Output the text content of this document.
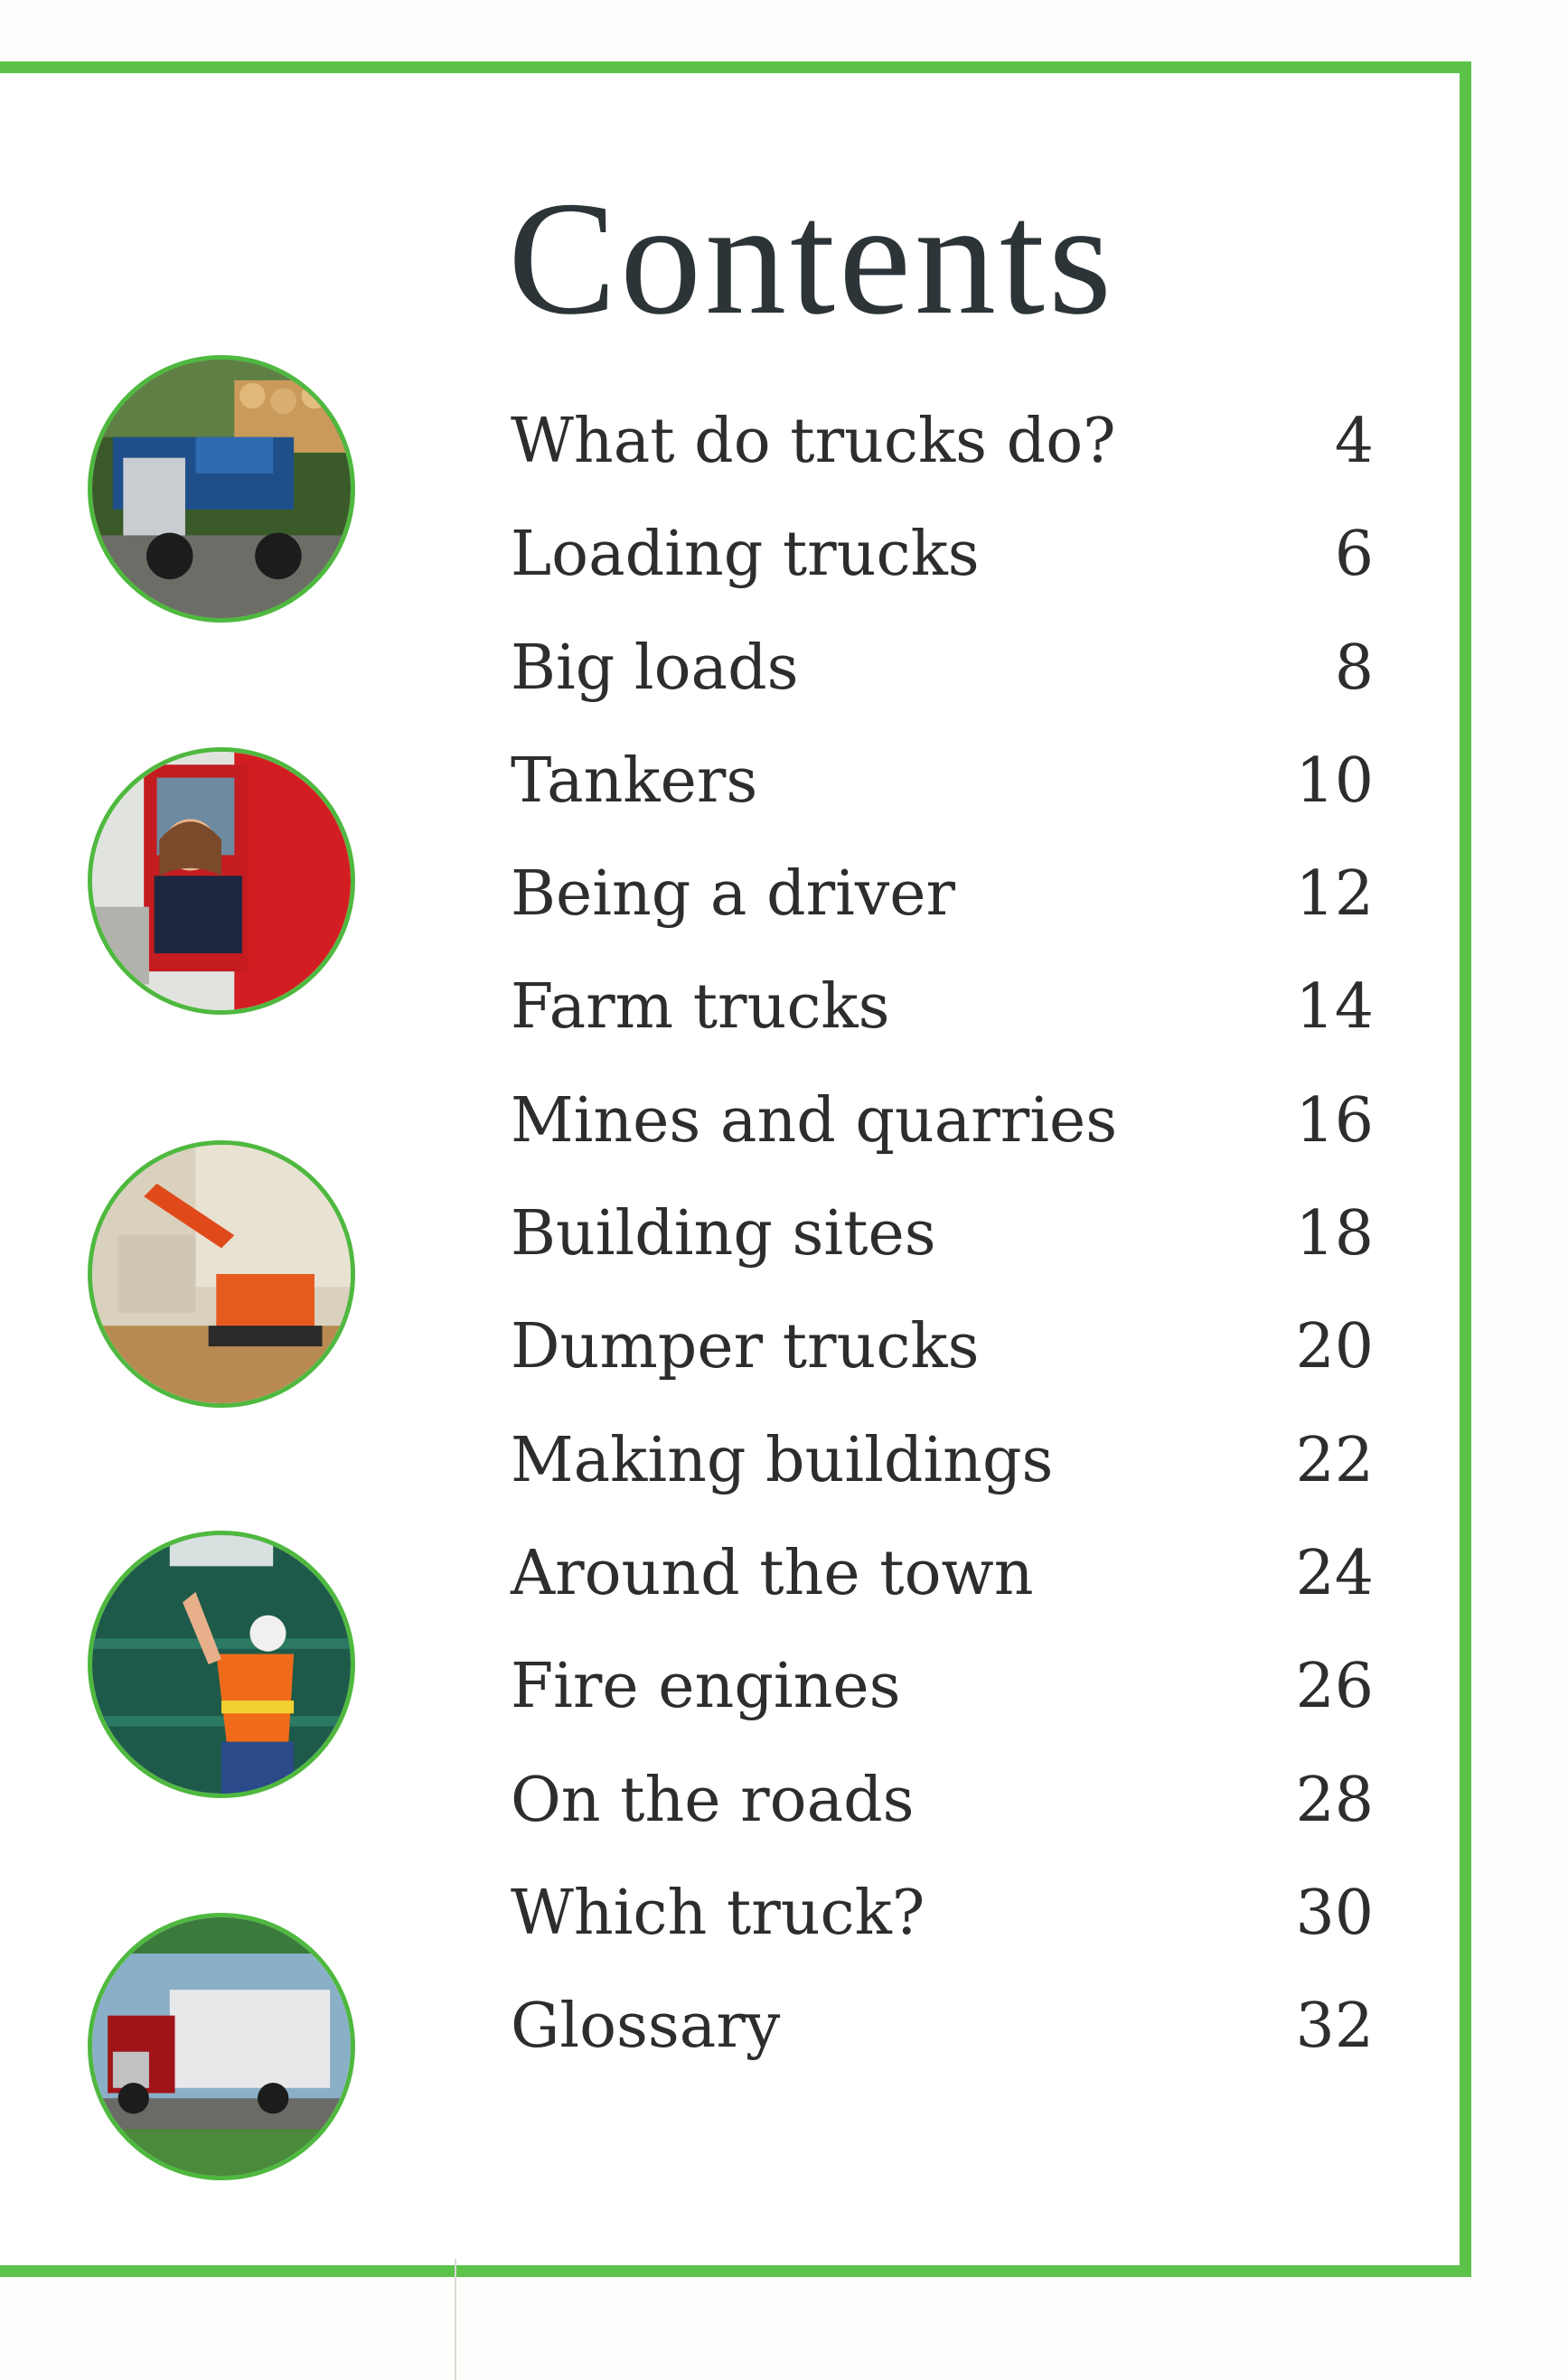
Contents
What do trucks do?	4
Loading trucks	6
Big loads	8
Tankers	10
Being a driver	12
Farm trucks	14
Mines and quarries	16
Building sites	18
Dumper trucks	20
Making buildings	22
Around the town	24
Fire engines	26
On the roads	28
Which truck?	30
Glossary	32
